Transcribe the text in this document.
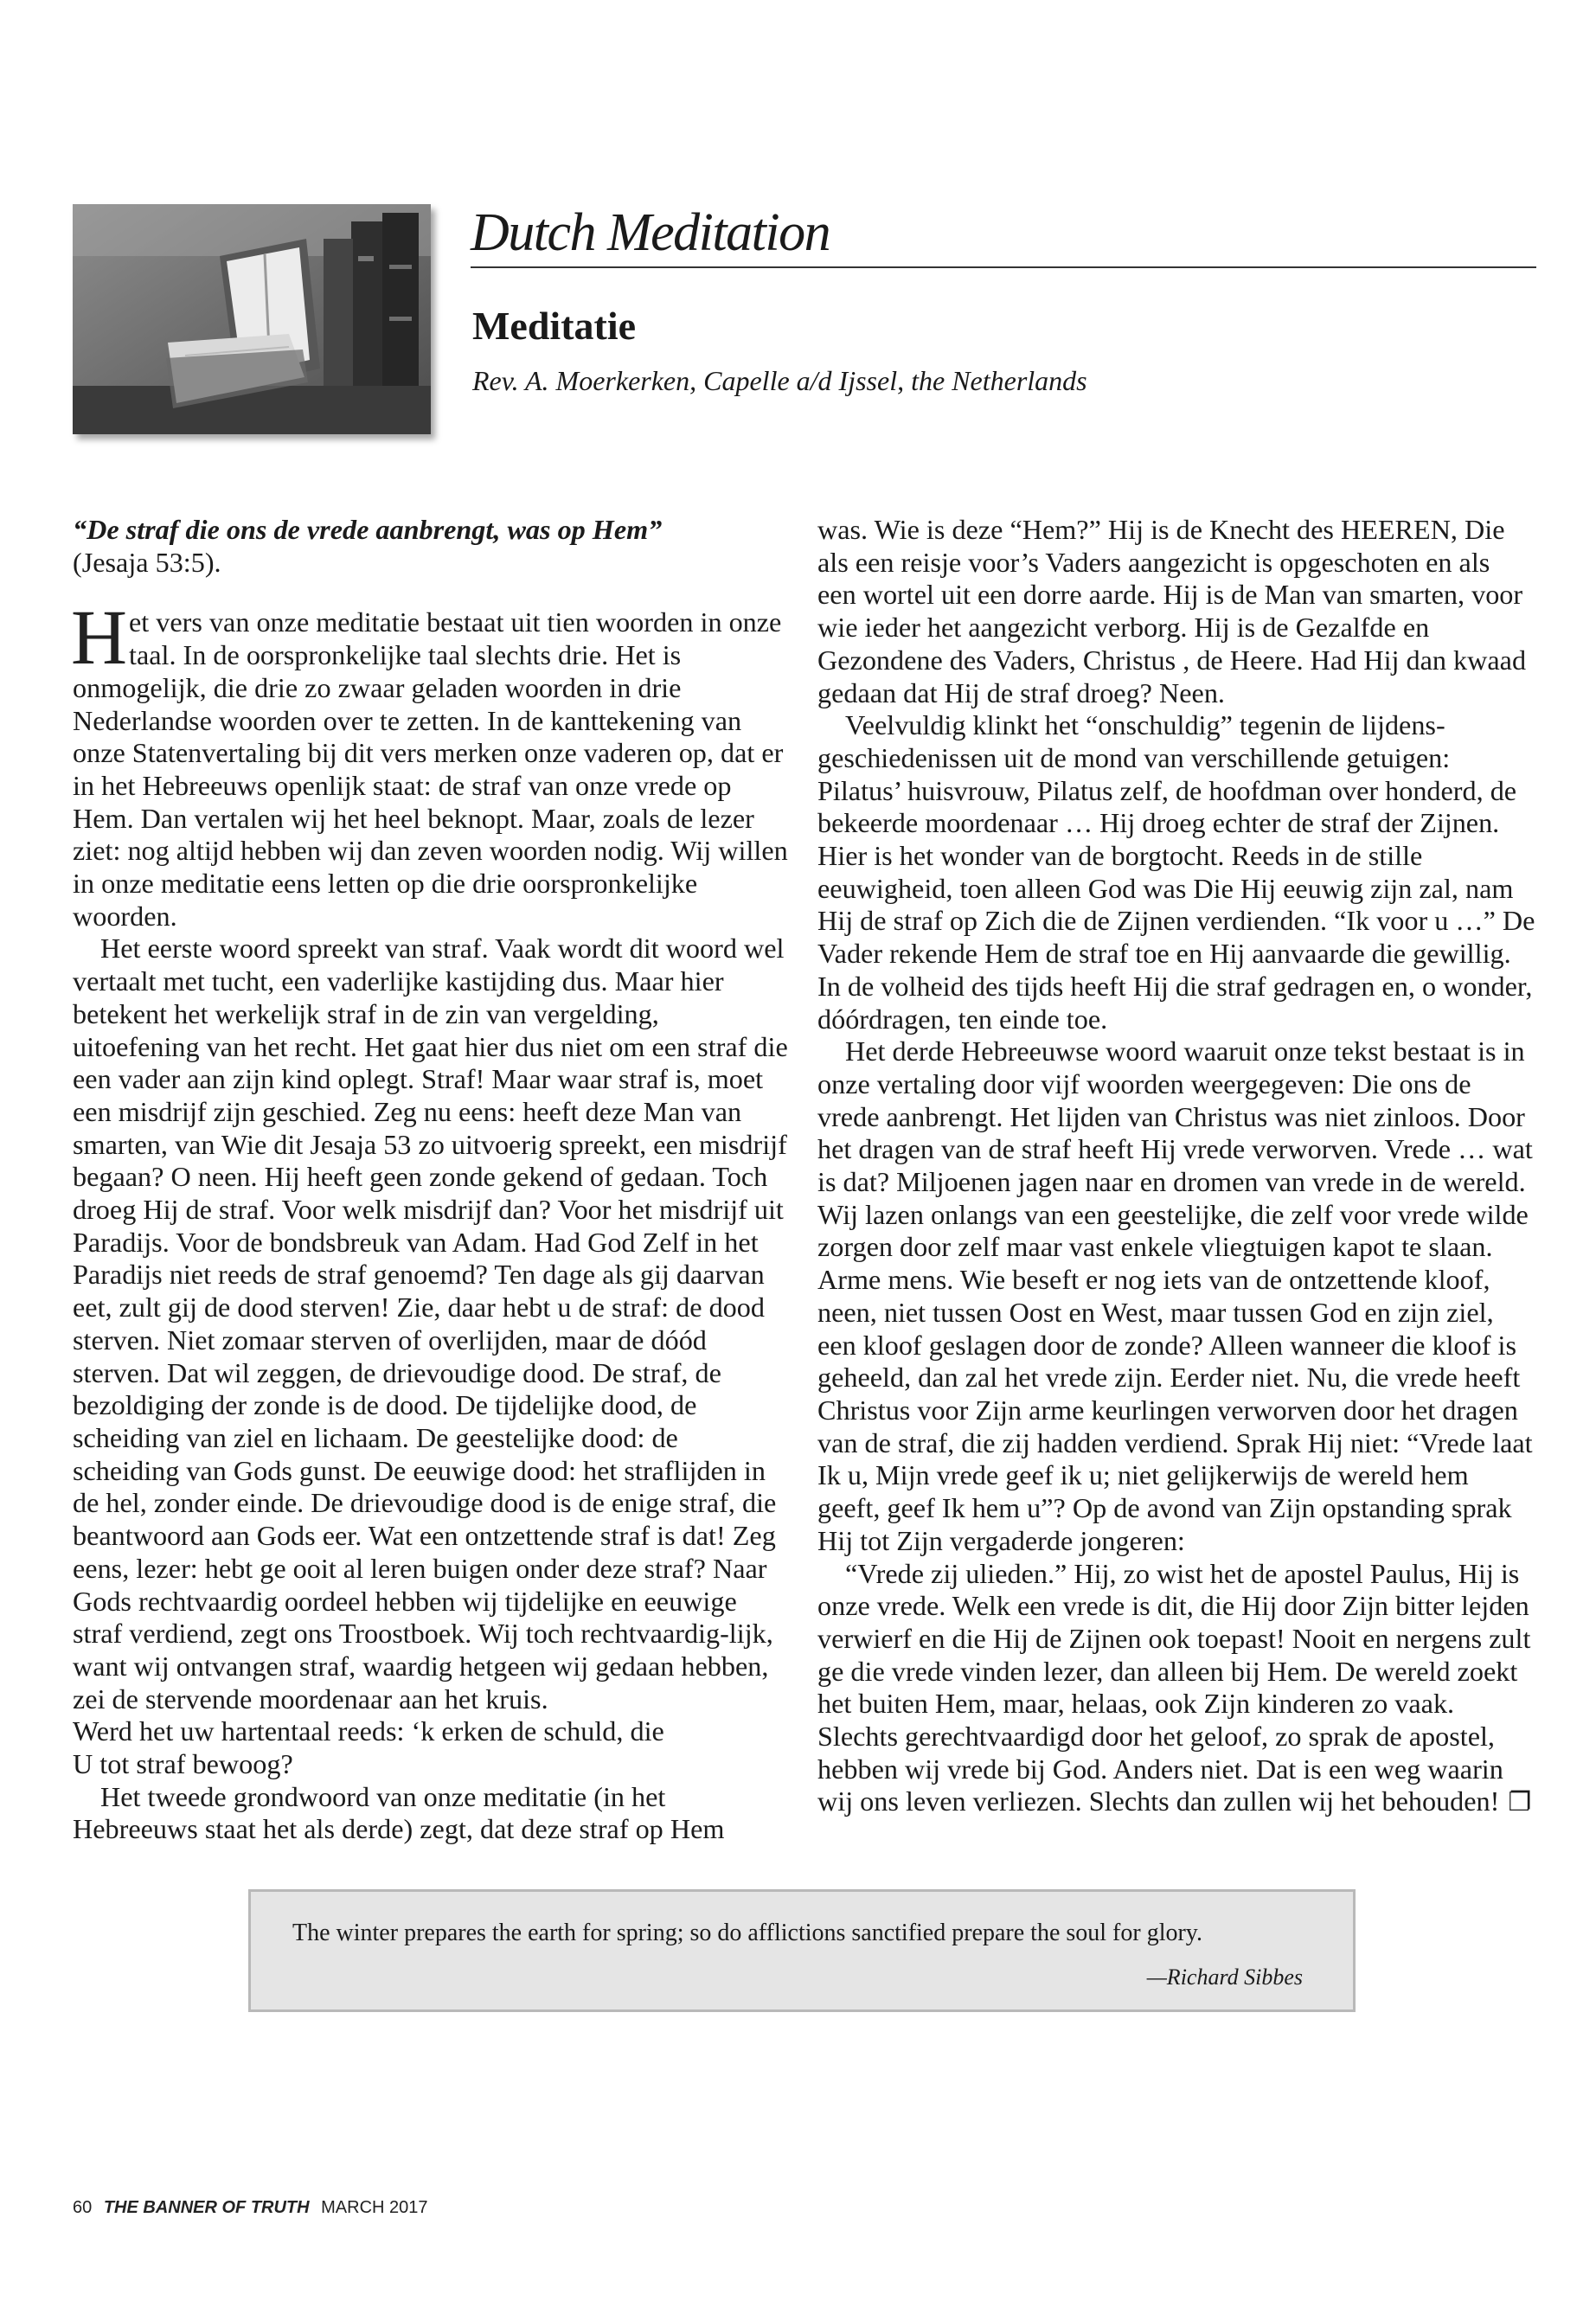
Dutch Meditation
Meditatie
Rev. A. Moerkerken, Capelle a/d Ijssel, the Netherlands

“De straf die ons de vrede aanbrengt, was op Hem”
(Jesaja 53:5).

Het vers van onze meditatie bestaat uit tien woorden in onze taal. In de oorspronkelijke taal slechts drie. Het is onmogelijk, die drie zo zwaar geladen woorden in drie Nederlandse woorden over te zetten. In de kanttekening van onze Statenvertaling bij dit vers merken onze vaderen op, dat er in het Hebreeuws openlijk staat: de straf van onze vrede op Hem. Dan vertalen wij het heel beknopt. Maar, zoals de lezer ziet: nog altijd hebben wij dan zeven woorden nodig. Wij willen in onze meditatie eens letten op die drie oorspronkelijke woorden.

Het eerste woord spreekt van straf. Vaak wordt dit woord wel vertaalt met tucht, een vaderlijke kastijding dus. Maar hier betekent het werkelijk straf in de zin van vergelding, uitoefening van het recht. Het gaat hier dus niet om een straf die een vader aan zijn kind oplegt. Straf! Maar waar straf is, moet een misdrijf zijn geschied. Zeg nu eens: heeft deze Man van smarten, van Wie dit Jesaja 53 zo uitvoerig spreekt, een misdrijf begaan? O neen. Hij heeft geen zonde gekend of gedaan. Toch droeg Hij de straf. Voor welk misdrijf dan? Voor het misdrijf uit Paradijs. Voor de bondsbreuk van Adam. Had God Zelf in het Paradijs niet reeds de straf genoemd? Ten dage als gij daarvan eet, zult gij de dood sterven! Zie, daar hebt u de straf: de dood sterven. Niet zomaar sterven of overlijden, maar de dóód sterven. Dat wil zeggen, de drievoudige dood. De straf, de bezoldiging der zonde is de dood. De tijdelijke dood, de scheiding van ziel en lichaam. De geestelijke dood: de scheiding van Gods gunst. De eeuwige dood: het straflijden in de hel, zonder einde. De drievoudige dood is de enige straf, die beantwoord aan Gods eer. Wat een ontzettende straf is dat! Zeg eens, lezer: hebt ge ooit al leren buigen onder deze straf? Naar Gods rechtvaardig oordeel hebben wij tijdelijke en eeuwige straf verdiend, zegt ons Troostboek. Wij toch rechtvaardig-lijk, want wij ontvangen straf, waardig hetgeen wij gedaan hebben, zei de stervende moordenaar aan het kruis.

Werd het uw hartentaal reeds: ‘k erken de schuld, die

U tot straf bewoog?

Het tweede grondwoord van onze meditatie (in het Hebreeuws staat het als derde) zegt, dat deze straf op Hem

was. Wie is deze “Hem?” Hij is de Knecht des HEEREN, Die als een reisje voor’s Vaders aangezicht is opgeschoten en als een wortel uit een dorre aarde. Hij is de Man van smarten, voor wie ieder het aangezicht verborg. Hij is de Gezalfde en Gezondene des Vaders, Christus , de Heere. Had Hij dan kwaad gedaan dat Hij de straf droeg? Neen.

Veelvuldig klinkt het “onschuldig” tegenin de lijdens-geschiedenissen uit de mond van verschillende getuigen: Pilatus’ huisvrouw, Pilatus zelf, de hoofdman over honderd, de bekeerde moordenaar … Hij droeg echter de straf der Zijnen. Hier is het wonder van de borgtocht. Reeds in de stille eeuwigheid, toen alleen God was Die Hij eeuwig zijn zal, nam Hij de straf op Zich die de Zijnen verdienden. “Ik voor u …” De Vader rekende Hem de straf toe en Hij aanvaarde die gewillig. In de volheid des tijds heeft Hij die straf gedragen en, o wonder, dóórdragen, ten einde toe.

Het derde Hebreeuwse woord waaruit onze tekst bestaat is in onze vertaling door vijf woorden weergegeven: Die ons de vrede aanbrengt. Het lijden van Christus was niet zinloos. Door het dragen van de straf heeft Hij vrede verworven. Vrede … wat is dat? Miljoenen jagen naar en dromen van vrede in de wereld. Wij lazen onlangs van een geestelijke, die zelf voor vrede wilde zorgen door zelf maar vast enkele vliegtuigen kapot te slaan. Arme mens. Wie beseft er nog iets van de ontzettende kloof, neen, niet tussen Oost en West, maar tussen God en zijn ziel, een kloof geslagen door de zonde? Alleen wanneer die kloof is geheeld, dan zal het vrede zijn. Eerder niet. Nu, die vrede heeft Christus voor Zijn arme keurlingen verworven door het dragen van de straf, die zij hadden verdiend. Sprak Hij niet: “Vrede laat Ik u, Mijn vrede geef ik u; niet gelijkerwijs de wereld hem geeft, geef Ik hem u”? Op de avond van Zijn opstanding sprak Hij tot Zijn vergaderde jongeren:

“Vrede zij ulieden.” Hij, zo wist het de apostel Paulus, Hij is onze vrede. Welk een vrede is dit, die Hij door Zijn bitter lejden verwierf en die Hij de Zijnen ook toepast! Nooit en nergens zult ge die vrede vinden lezer, dan alleen bij Hem. De wereld zoekt het buiten Hem, maar, helaas, ook Zijn kinderen zo vaak. Slechts gerechtvaardigd door het geloof, zo sprak de apostel, hebben wij vrede bij God. Anders niet. Dat is een weg waarin wij ons leven verliezen. Slechts dan zullen wij het behouden! ❐

The winter prepares the earth for spring; so do afflictions sanctified prepare the soul for glory.
—Richard Sibbes
60 THE BANNER OF TRUTH MARCH 2017
